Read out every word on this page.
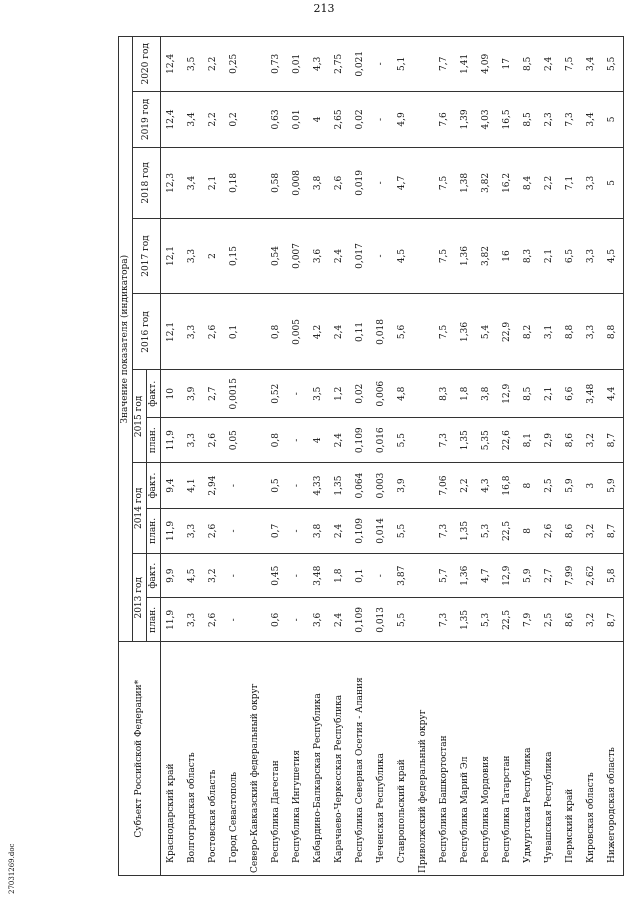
213
Субъект Российской Федерации*	Значение показателя (индикатора)										
	2013 год		2014 год		2015 год		2016 год	2017 год	2018 год	2019 год	2020 год
	план.	факт.	план.	факт.	план.	факт.					
Краснодарский край	11,9	9,9	11,9	9,4	11,9	10	12,1	12,1	12,3	12,4	12,4
Волгоградская область	3,3	4,5	3,3	4,1	3,3	3,9	3,3	3,3	3,4	3,4	3,5
Ростовская область	2,6	3,2	2,6	2,94	2,6	2,7	2,6	2	2,1	2,2	2,2
Город Севастополь	-	-	-	-	0,05	0,0015	0,1	0,15	0,18	0,2	0,25
Северо-Кавказский федеральный округ											
Республика Дагестан	0,6	0,45	0,7	0,5	0,8	0,52	0,8	0,54	0,58	0,63	0,73
Республика Ингушетия	-	-	-	-	-	-	0,005	0,007	0,008	0,01	0,01
Кабардино-Балкарская Республика	3,6	3,48	3,8	4,33	4	3,5	4,2	3,6	3,8	4	4,3
Карачаево-Черкесская Республика	2,4	1,8	2,4	1,35	2,4	1,2	2,4	2,4	2,6	2,65	2,75
Республика Северная Осетия - Алания	0,109	0,1	0,109	0,064	0,109	0,02	0,11	0,017	0,019	0,02	0,021
Чеченская Республика	0,013	-	0,014	0,003	0,016	0,006	0,018	-	-	-	-
Ставропольский край	5,5	3,87	5,5	3,9	5,5	4,8	5,6	4,5	4,7	4,9	5,1
Приволжский федеральный округ											
Республика Башкортостан	7,3	5,7	7,3	7,06	7,3	8,3	7,5	7,5	7,5	7,6	7,7
Республика Марий Эл	1,35	1,36	1,35	2,2	1,35	1,8	1,36	1,36	1,38	1,39	1,41
Республика Мордовия	5,3	4,7	5,3	4,3	5,35	3,8	5,4	3,82	3,82	4,03	4,09
Республика Татарстан	22,5	12,9	22,5	16,8	22,6	12,9	22,9	16	16,2	16,5	17
Удмуртская Республика	7,9	5,9	8	8	8,1	8,5	8,2	8,3	8,4	8,5	8,5
Чувашская Республика	2,5	2,7	2,6	2,5	2,9	2,1	3,1	2,1	2,2	2,3	2,4
Пермский край	8,6	7,99	8,6	5,9	8,6	6,6	8,8	6,5	7,1	7,3	7,5
Кировская область	3,2	2,62	3,2	3	3,2	3,48	3,3	3,3	3,3	3,4	3,4
Нижегородская область	8,7	5,8	8,7	5,9	8,7	4,4	8,8	4,5	5	5	5,5
27031269.doc
